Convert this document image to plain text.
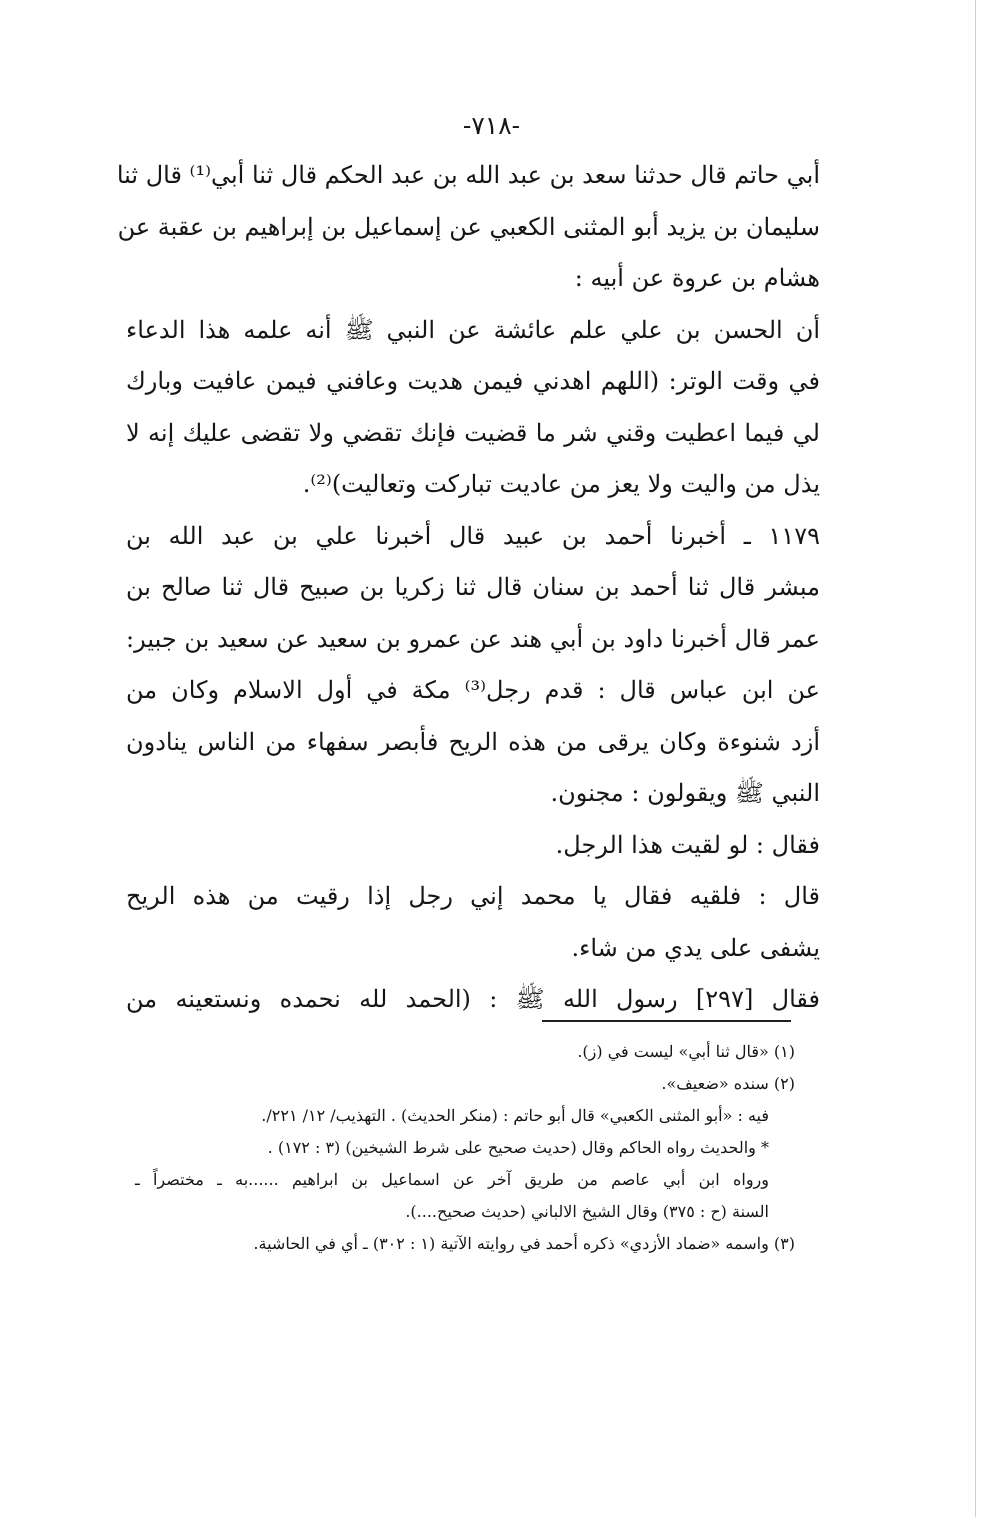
-٧١٨-
أبي حاتم قال حدثنا سعد بن عبد الله بن عبد الحكم قال ثنا أبي⁽¹⁾ قال ثنا
سليمان بن يزيد أبو المثنى الكعبي عن إسماعيل بن إبراهيم بن عقبة عن
هشام بن عروة عن أبيه :
أن الحسن بن علي علم عائشة عن النبي ﷺ أنه علمه هذا الدعاء
في وقت الوتر: (اللهم اهدني فيمن هديت وعافني فيمن عافيت وبارك
لي فيما اعطيت وقني شر ما قضيت فإنك تقضي ولا تقضى عليك إنه لا
يذل من واليت ولا يعز من عاديت تباركت وتعاليت)⁽²⁾.
١١٧٩ ـ أخبرنا أحمد بن عبيد قال أخبرنا علي بن عبد الله بن
مبشر قال ثنا أحمد بن سنان قال ثنا زكريا بن صبيح قال ثنا صالح بن
عمر قال أخبرنا داود بن أبي هند عن عمرو بن سعيد عن سعيد بن جبير:
عن ابن عباس قال : قدم رجل⁽³⁾ مكة في أول الاسلام وكان من
أزد شنوءة وكان يرقى من هذه الريح فأبصر سفهاء من الناس ينادون
النبي ﷺ ويقولون : مجنون.
فقال : لو لقيت هذا الرجل.
قال : فلقيه فقال يا محمد إني رجل إذا رقيت من هذه الريح
يشفى على يدي من شاء.
فقال [٢٩٧] رسول الله ﷺ : (الحمد لله نحمده ونستعينه من
(١) «قال ثنا أبي» ليست في (ز).
(٢) سنده «ضعيف».
فيه : «أبو المثنى الكعبي» قال أبو حاتم : (منكر الحديث) . التهذيب/ ١٢/ ٢٢١/.
* والحديث رواه الحاكم وقال (حديث صحيح على شرط الشيخين) (٣ : ١٧٢) .
ورواه ابن أبي عاصم من طريق آخر عن اسماعيل بن ابراهيم ......به ـ مختصراً ـ
السنة (ح : ٣٧٥) وقال الشيخ الالباني (حديث صحيح....).
(٣) واسمه «ضماد الأزدي» ذكره أحمد في روايته الآتية (١ : ٣٠٢) ـ أي في الحاشية.
